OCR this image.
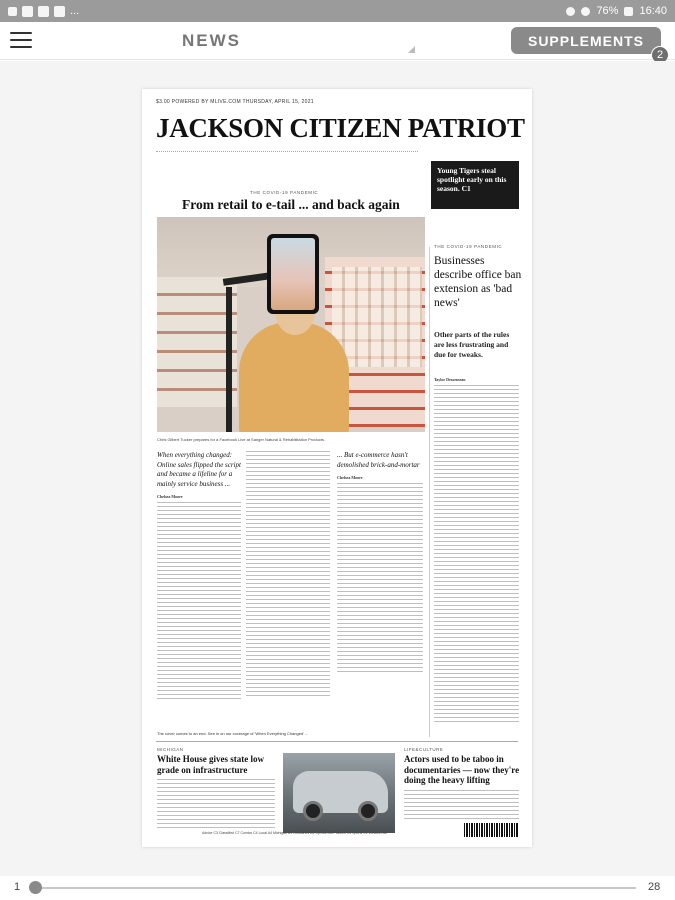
...	76% 16:40
NEWS	SUPPLEMENTS
2
$3.00 POWERED BY MLIVE.COM THURSDAY, APRIL 15, 2021
JACKSON CITIZEN PATRIOT
Young Tigers steal spotlight early on this season. C1
THE COVID-19 PANDEMIC
From retail to e-tail ... and back again
Chris Gilbert Tucker prepares for a Facebook Live at Sanger Natural & Rehabilitation Products.
When everything changed: Online sales flipped the script and became a lifeline for a mainly service business ...
Chelsea Moore
... But e-commerce hasn't demolished brick-and-mortar
Chelsea Moore
THE COVID-19 PANDEMIC
Businesses describe office ban extension as 'bad news'
Other parts of the rules are less frustrating and due for tweaks.
Taylor Desormeau
The cover comes to an end. See in on our coverage of 'When Everything Changed' ...
MICHIGAN
White House gives state low grade on infrastructure
LIFE&CULTURE
Actors used to be taboo in documentaries — now they're doing the heavy lifting
Advice C3 Classified C7 Comics C4 Local A4 Michigan B1 Obituaries B4 Opinion A8 Puzzles C5 Sports C1 Weather A2
1	28
